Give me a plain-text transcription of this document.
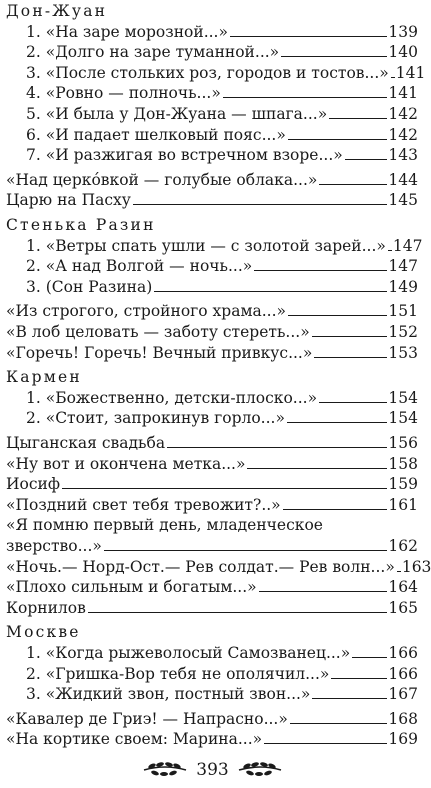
Дон-Жуан
1. «На заре морозной...»	139
2. «Долго на заре туманной...»	140
3. «После стольких роз, городов и тостов...» 141
4. «Ровно — полночь...»	141
5. «И была у Дон-Жуана — шпага...»	142
6. «И падает шелковый пояс...»	142
7. «И разжигая во встречном взоре...»	143
«Над церко́вкой — голубые облака...»	144
Царю на Пасху	145
Стенька Разин
1. «Ветры спать ушли — с золотой зарей...» 147
2. «А над Волгой — ночь...»	147
3. (Сон Разина)	149
«Из строгого, стройного храма...»	151
«В лоб целовать — заботу стереть...»	152
«Горечь! Горечь! Вечный привкус...»	153
Кармен
1. «Божественно, детски-плоско...»	154
2. «Стоит, запрокинув горло...»	154
Цыганская свадьба	156
«Ну вот и окончена метка...»	158
Иосиф	159
«Поздний свет тебя тревожит?..»	161
«Я помню первый день, младенческое
зверство...»	162
«Ночь.— Норд-Ост.— Рев солдат.— Рев волн...» 163
«Плохо сильным и богатым...»	164
Корнилов	165
Москве
1. «Когда рыжеволосый Самозванец...» 166
2. «Гришка-Вор тебя не ополячил...»	166
3. «Жидкий звон, постный звон...»	167
393
«Кавалер де Гриэ! — Напрасно...»	168
«На кортике своем: Марина...»	169
